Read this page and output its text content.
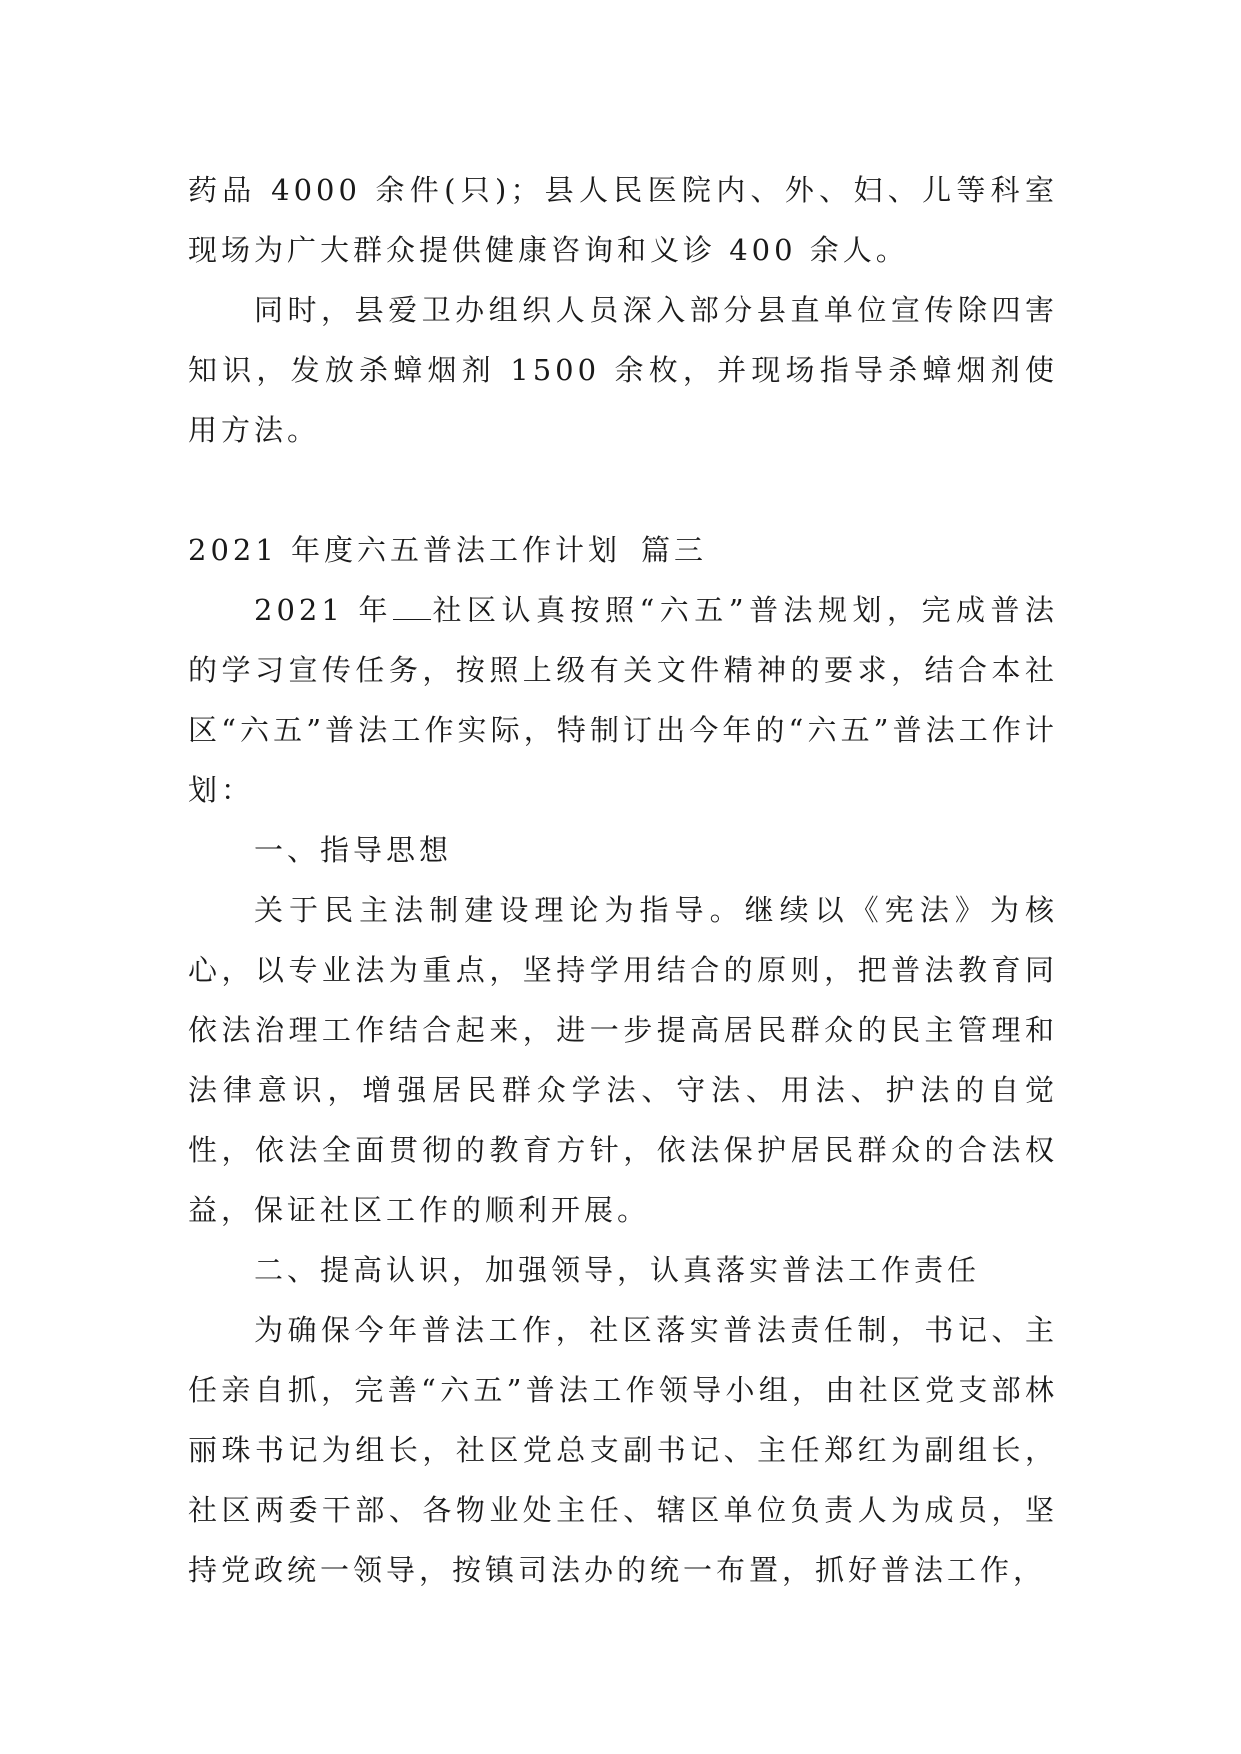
药品 4000 余件(只)；县人民医院内、外、妇、儿等科室现场为广大群众提供健康咨询和义诊 400 余人。

同时，县爱卫办组织人员深入部分县直单位宣传除四害知识，发放杀蟑烟剂 1500 余枚，并现场指导杀蟑烟剂使用方法。

2021 年度六五普法工作计划 篇三

2021 年 社区认真按照“六五”普法规划，完成普法的学习宣传任务，按照上级有关文件精神的要求，结合本社区“六五”普法工作实际，特制订出今年的“六五”普法工作计划：

一、指导思想

关于民主法制建设理论为指导。继续以《宪法》为核心，以专业法为重点，坚持学用结合的原则，把普法教育同依法治理工作结合起来，进一步提高居民群众的民主管理和法律意识，增强居民群众学法、守法、用法、护法的自觉性，依法全面贯彻的教育方针，依法保护居民群众的合法权益，保证社区工作的顺利开展。

二、提高认识，加强领导，认真落实普法工作责任

为确保今年普法工作，社区落实普法责任制，书记、主任亲自抓，完善“六五”普法工作领导小组，由社区党支部林丽珠书记为组长，社区党总支副书记、主任郑红为副组长，社区两委干部、各物业处主任、辖区单位负责人为成员，坚持党政统一领导，按镇司法办的统一布置，抓好普法工作，
